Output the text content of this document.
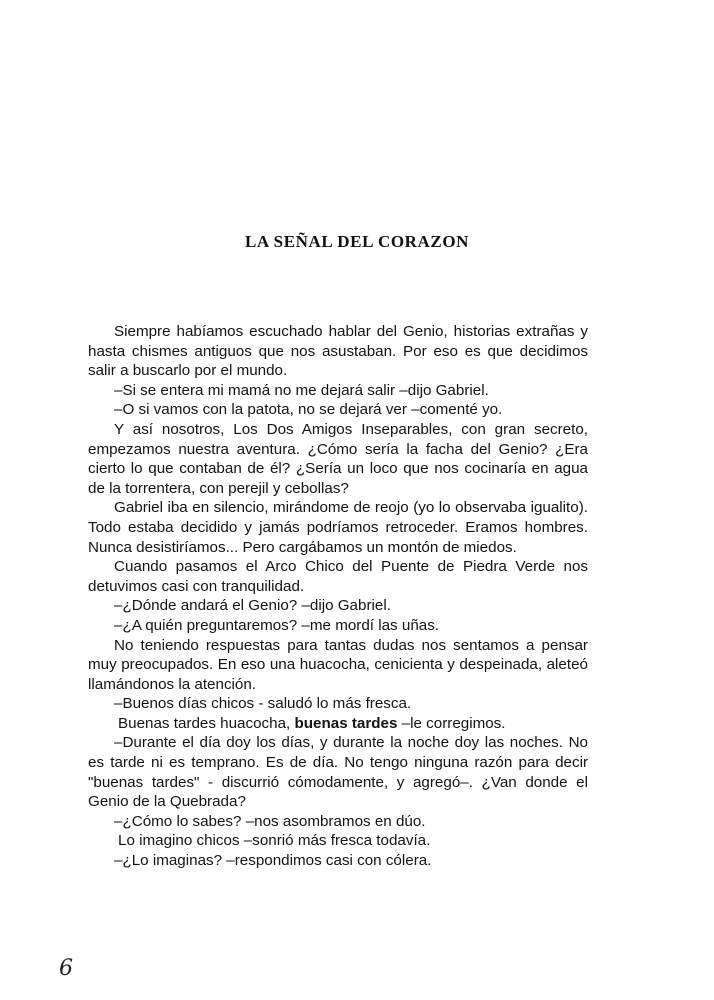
LA SEÑAL DEL CORAZON

Siempre habíamos escuchado hablar del Genio, historias extrañas y hasta chismes antiguos que nos asustaban. Por eso es que decidimos salir a buscarlo por el mundo.

–Si se entera mi mamá no me dejará salir –dijo Gabriel.

–O si vamos con la patota, no se dejará ver –comenté yo.

Y así nosotros, Los Dos Amigos Inseparables, con gran secreto, empezamos nuestra aventura. ¿Cómo sería la facha del Genio? ¿Era cierto lo que contaban de él? ¿Sería un loco que nos cocinaría en agua de la torrentera, con perejil y cebollas?

Gabriel iba en silencio, mirándome de reojo (yo lo observaba igualito). Todo estaba decidido y jamás podríamos retroceder. Eramos hombres. Nunca desistiríamos... Pero cargábamos un montón de miedos.

Cuando pasamos el Arco Chico del Puente de Piedra Verde nos detuvimos casi con tranquilidad.

–¿Dónde andará el Genio? –dijo Gabriel.

–¿A quién preguntaremos? –me mordí las uñas.

No teniendo respuestas para tantas dudas nos sentamos a pensar muy preocupados. En eso una huacocha, cenicienta y despeinada, aleteó llamándonos la atención.

–Buenos días chicos - saludó lo más fresca.

Buenas tardes huacocha, buenas tardes –le corregimos.

–Durante el día doy los días, y durante la noche doy las noches. No es tarde ni es temprano. Es de día. No tengo ninguna razón para decir "buenas tardes" - discurrió cómodamente, y agregó–. ¿Van donde el Genio de la Quebrada?

–¿Cómo lo sabes? –nos asombramos en dúo.

Lo imagino chicos –sonrió más fresca todavía.

–¿Lo imaginas? –respondimos casi con cólera.

6
